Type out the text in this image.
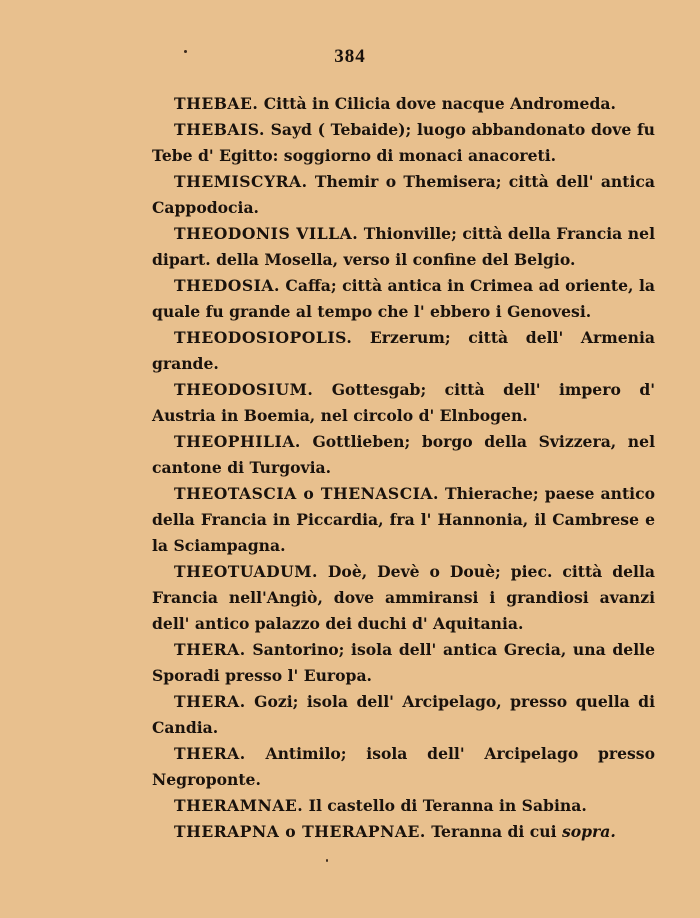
384
THEBAE. Città in Cilicia dove nacque Andromeda.
THEBAIS. Sayd ( Tebaide); luogo abbandonato dove fu Tebe d' Egitto: soggiorno di monaci anacoreti.
THEMISCYRA. Themir o Themisera; città dell' antica Cappodocia.
THEODONIS VILLA. Thionville; città della Francia nel dipart. della Mosella, verso il confine del Belgio.
THEDOSIA. Caffa; città antica in Crimea ad oriente, la quale fu grande al tempo che l' ebbero i Genovesi.
THEODOSIOPOLIS. Erzerum; città dell' Armenia grande.
THEODOSIUM. Gottesgab; città dell' impero d' Austria in Boemia, nel circolo d' Elnbogen.
THEOPHILIA. Gottlieben; borgo della Svizzera, nel cantone di Turgovia.
THEOTASCIA o THENASCIA. Thierache; paese antico della Francia in Piccardia, fra l' Hannonia, il Cambrese e la Sciampagna.
THEOTUADUM. Doè, Devè o Douè; piec. città della Francia nell'Angiò, dove ammiransi i grandiosi avanzi dell' antico palazzo dei duchi d' Aquitania.
THERA. Santorino; isola dell' antica Grecia, una delle Sporadi presso l' Europa.
THERA. Gozi; isola dell' Arcipelago, presso quella di Candia.
THERA. Antimilo; isola dell' Arcipelago presso Negroponte.
THERAMNAE. Il castello di Teranna in Sabina.
THERAPNA o THERAPNAE. Teranna di cui sopra.
